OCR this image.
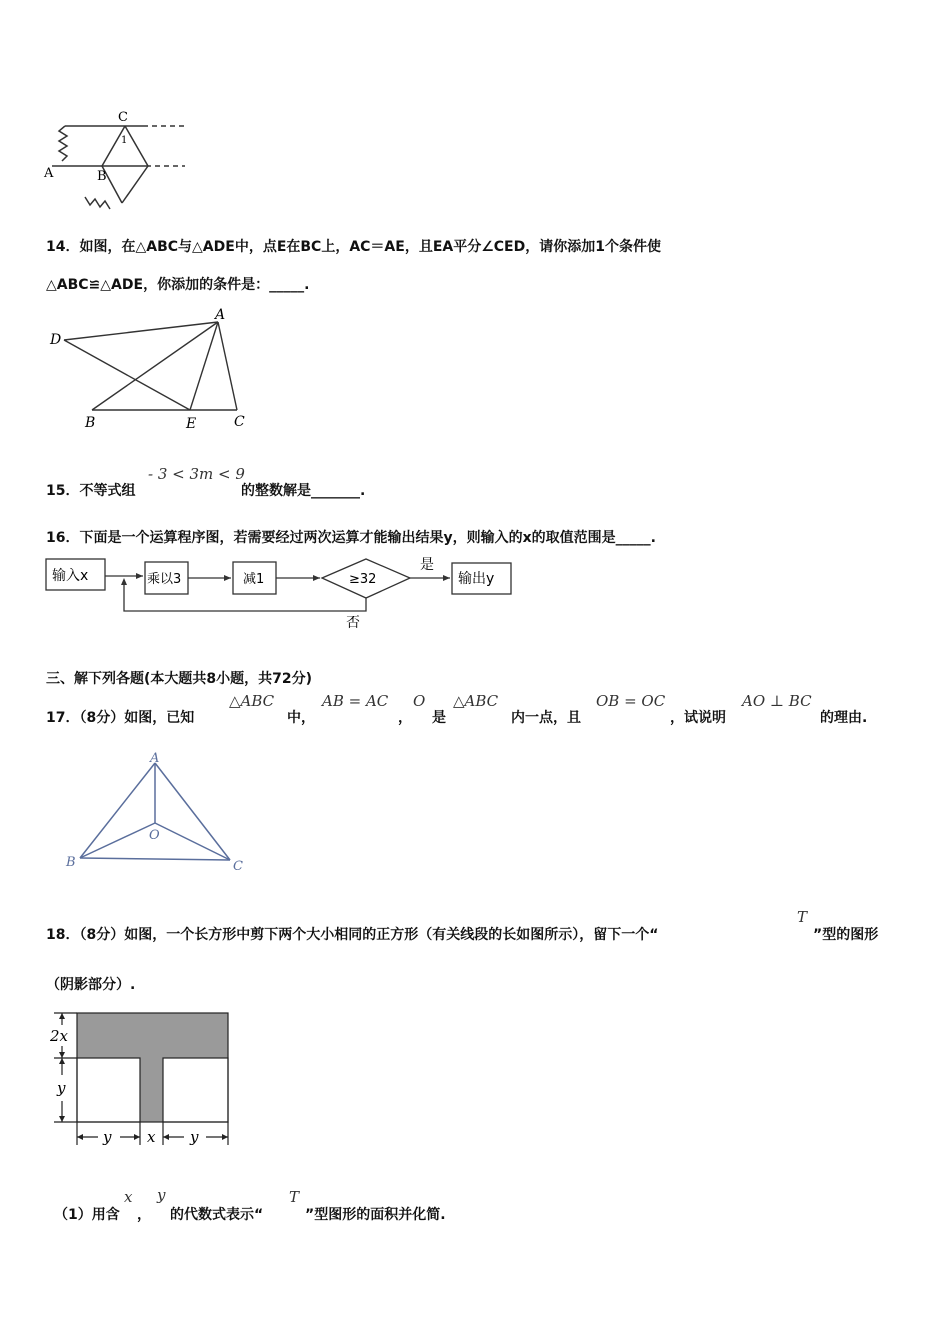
C
1
A	B
14．如图，在△ABC与△ADE中，点E在BC上，AC＝AE，且EA平分∠CED，请你添加1个条件使
△ABC≌△ADE，你添加的条件是：_____.
D
A
B	E	C
15．不等式组
- 3 < 3m < 9
的整数解是_______.
16．下面是一个运算程序图，若需要经过两次运算才能输出结果y，则输入的x的取值范围是_____.
输入x	乘以3	减1	≥32	输出y
是
否
三、解下列各题(本大题共8小题，共72分)
17．（8分）如图，已知
△ABC
中，
AB = AC
，
O
是
△ABC
内一点，且
OB = OC
，试说明
AO ⊥ BC
的理由.
A
O
B	C
18．（8分）如图，一个长方形中剪下两个大小相同的正方形（有关线段的长如图所示），留下一个“
T
”型的图形
（阴影部分）.
2x
y
y x y
（1）用含
x
，
y
的代数式表示“
T
”型图形的面积并化简.
